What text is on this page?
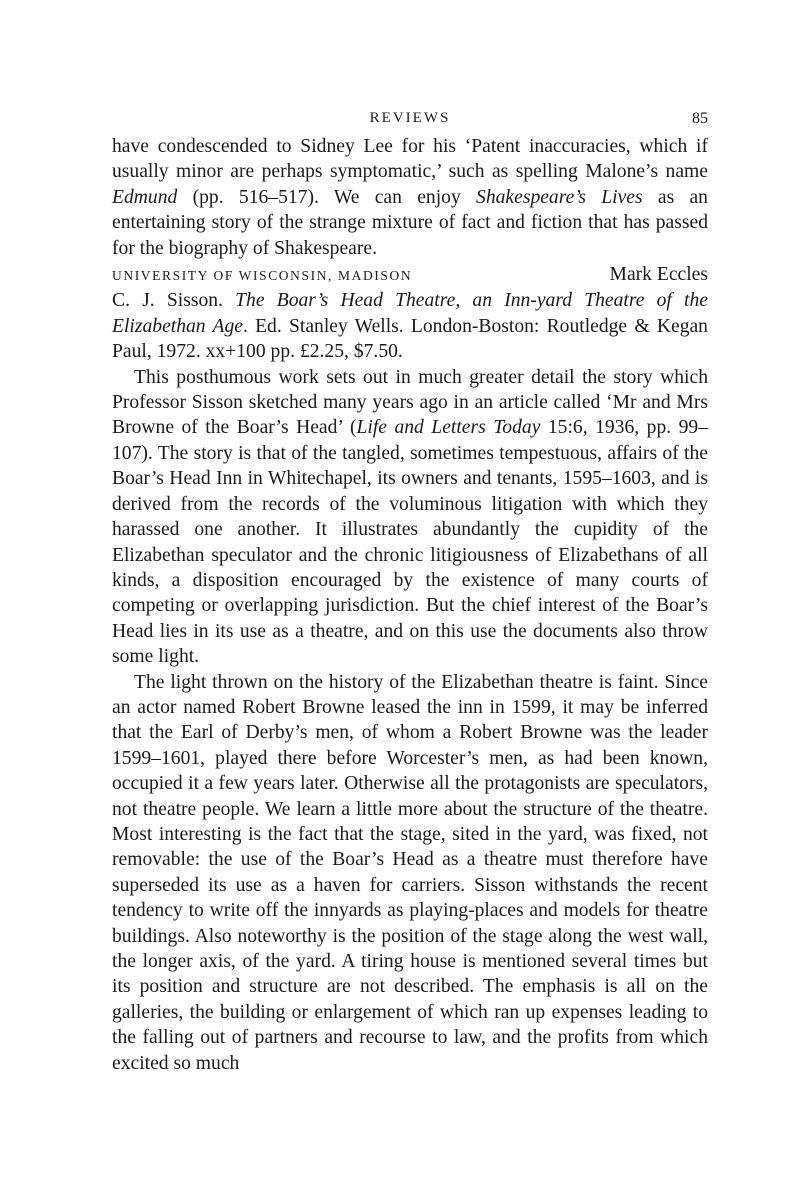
REVIEWS	85

have condescended to Sidney Lee for his ‘Patent inaccuracies, which if usually minor are perhaps symptomatic,’ such as spelling Malone’s name Edmund (pp. 516–517). We can enjoy Shakespeare’s Lives as an entertaining story of the strange mixture of fact and fiction that has passed for the biography of Shakespeare.

UNIVERSITY OF WISCONSIN, MADISON	Mark Eccles

C. J. Sisson. The Boar’s Head Theatre, an Inn-yard Theatre of the Elizabethan Age. Ed. Stanley Wells. London-Boston: Routledge & Kegan Paul, 1972. xx+100 pp. £2.25, $7.50.

This posthumous work sets out in much greater detail the story which Professor Sisson sketched many years ago in an article called ‘Mr and Mrs Browne of the Boar’s Head’ (Life and Letters Today 15:6, 1936, pp. 99–107). The story is that of the tangled, sometimes tempestuous, affairs of the Boar’s Head Inn in Whitechapel, its owners and tenants, 1595–1603, and is derived from the records of the voluminous litigation with which they harassed one another. It illustrates abundantly the cupidity of the Elizabethan speculator and the chronic litigiousness of Elizabethans of all kinds, a disposition encouraged by the existence of many courts of competing or overlapping jurisdiction. But the chief interest of the Boar’s Head lies in its use as a theatre, and on this use the documents also throw some light.

The light thrown on the history of the Elizabethan theatre is faint. Since an actor named Robert Browne leased the inn in 1599, it may be inferred that the Earl of Derby’s men, of whom a Robert Browne was the leader 1599–1601, played there before Worcester’s men, as had been known, occupied it a few years later. Otherwise all the protagonists are speculators, not theatre people. We learn a little more about the structure of the theatre. Most interesting is the fact that the stage, sited in the yard, was fixed, not removable: the use of the Boar’s Head as a theatre must therefore have superseded its use as a haven for carriers. Sisson withstands the recent tendency to write off the innyards as playing-places and models for theatre buildings. Also noteworthy is the position of the stage along the west wall, the longer axis, of the yard. A tiring house is mentioned several times but its position and structure are not described. The emphasis is all on the galleries, the building or enlargement of which ran up expenses leading to the falling out of partners and recourse to law, and the profits from which excited so much
